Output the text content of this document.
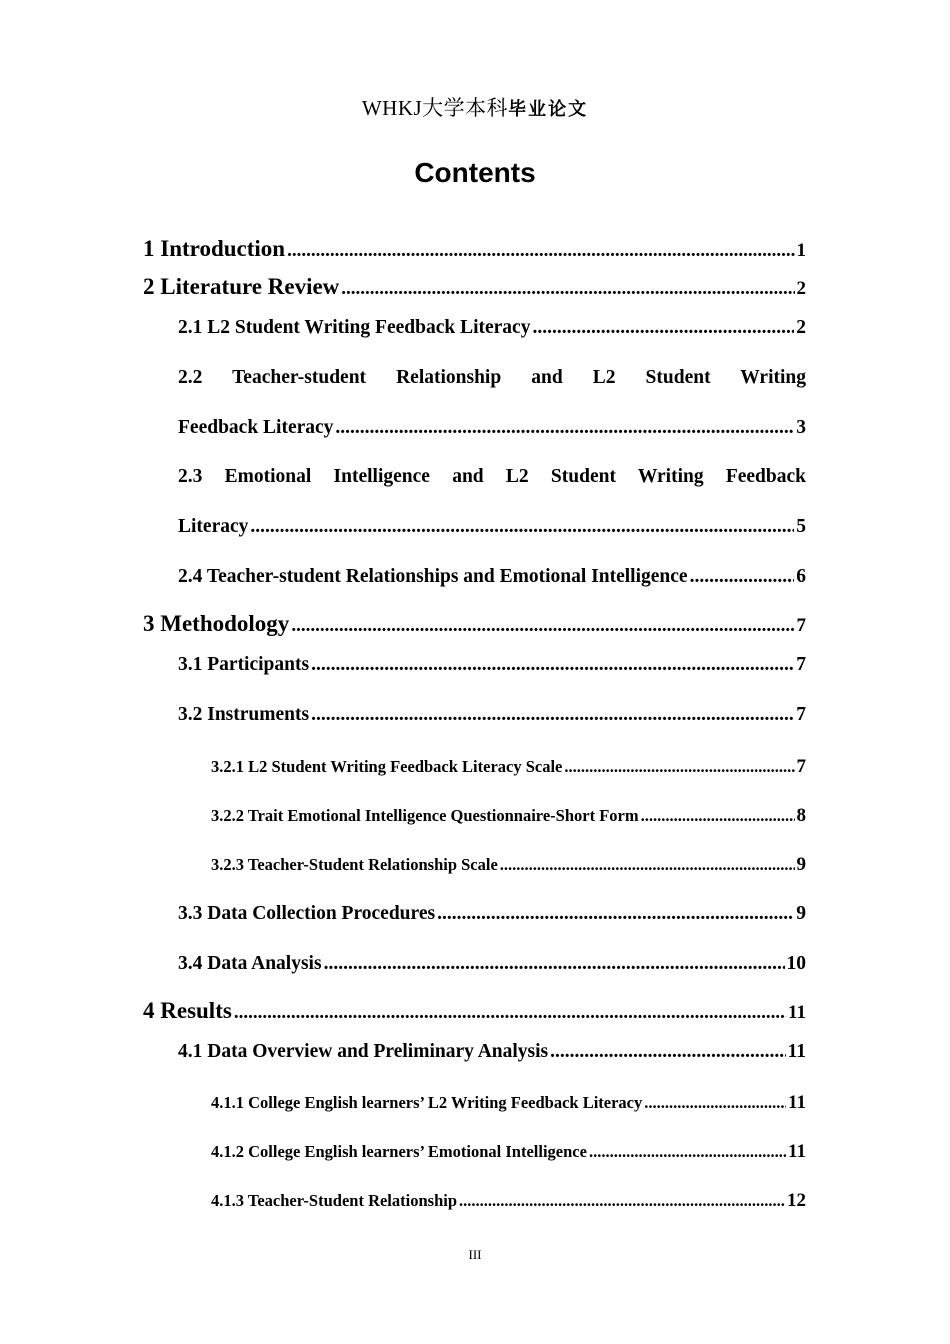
WHKJ大学本科毕业论文
Contents
1 Introduction .....	1
2 Literature Review .....	2
2.1 L2 Student Writing Feedback Literacy .....	2
2.2 Teacher-student Relationship and L2 Student Writing
Feedback Literacy .....	3
2.3 Emotional Intelligence and L2 Student Writing Feedback
Literacy .....	5
2.4 Teacher-student Relationships and Emotional Intelligence .....	6
3 Methodology .....	7
3.1 Participants .....	7
3.2 Instruments .....	7
3.2.1 L2 Student Writing Feedback Literacy Scale .....	7
3.2.2 Trait Emotional Intelligence Questionnaire-Short Form .....	8
3.2.3 Teacher-Student Relationship Scale .....	9
3.3 Data Collection Procedures .....	9
3.4 Data Analysis .....	10
4 Results .....	11
4.1 Data Overview and Preliminary Analysis .....	11
4.1.1 College English learners’ L2 Writing Feedback Literacy .....	11
4.1.2 College English learners’ Emotional Intelligence .....	11
4.1.3 Teacher-Student Relationship .....	12
III
